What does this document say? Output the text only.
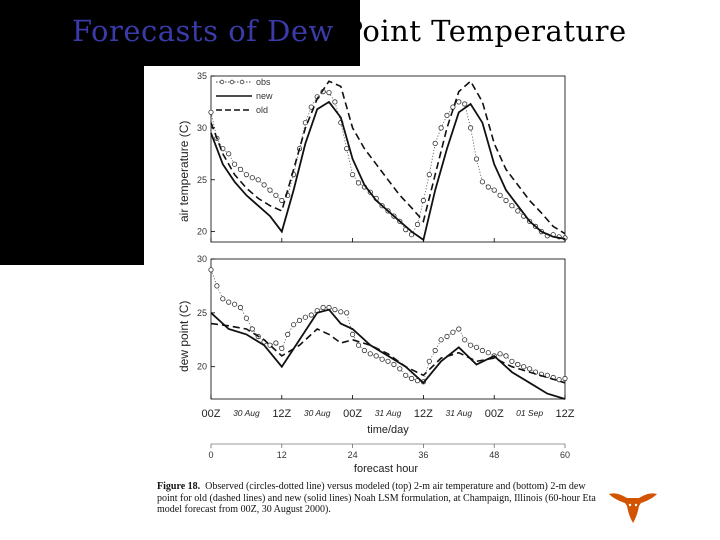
Forecasts of Dew Point Temperature
35
30
25
20
30
25
20
00Z	12Z	00Z	12Z	00Z	12Z
30 Aug	30 Aug	31 Aug	31 Aug	01 Sep
0	12	24	36	48	60
air temperature (C)
dew point (C)
obs
new
old
time/day
forecast hour
Figure 18. Observed (circles-dotted line) versus modeled (top) 2-m air temperature and (bottom) 2-m dew point for old (dashed lines) and new (solid lines) Noah LSM formulation, at Champaign, Illinois (60-hour Eta model forecast from 00Z, 30 August 2000).
